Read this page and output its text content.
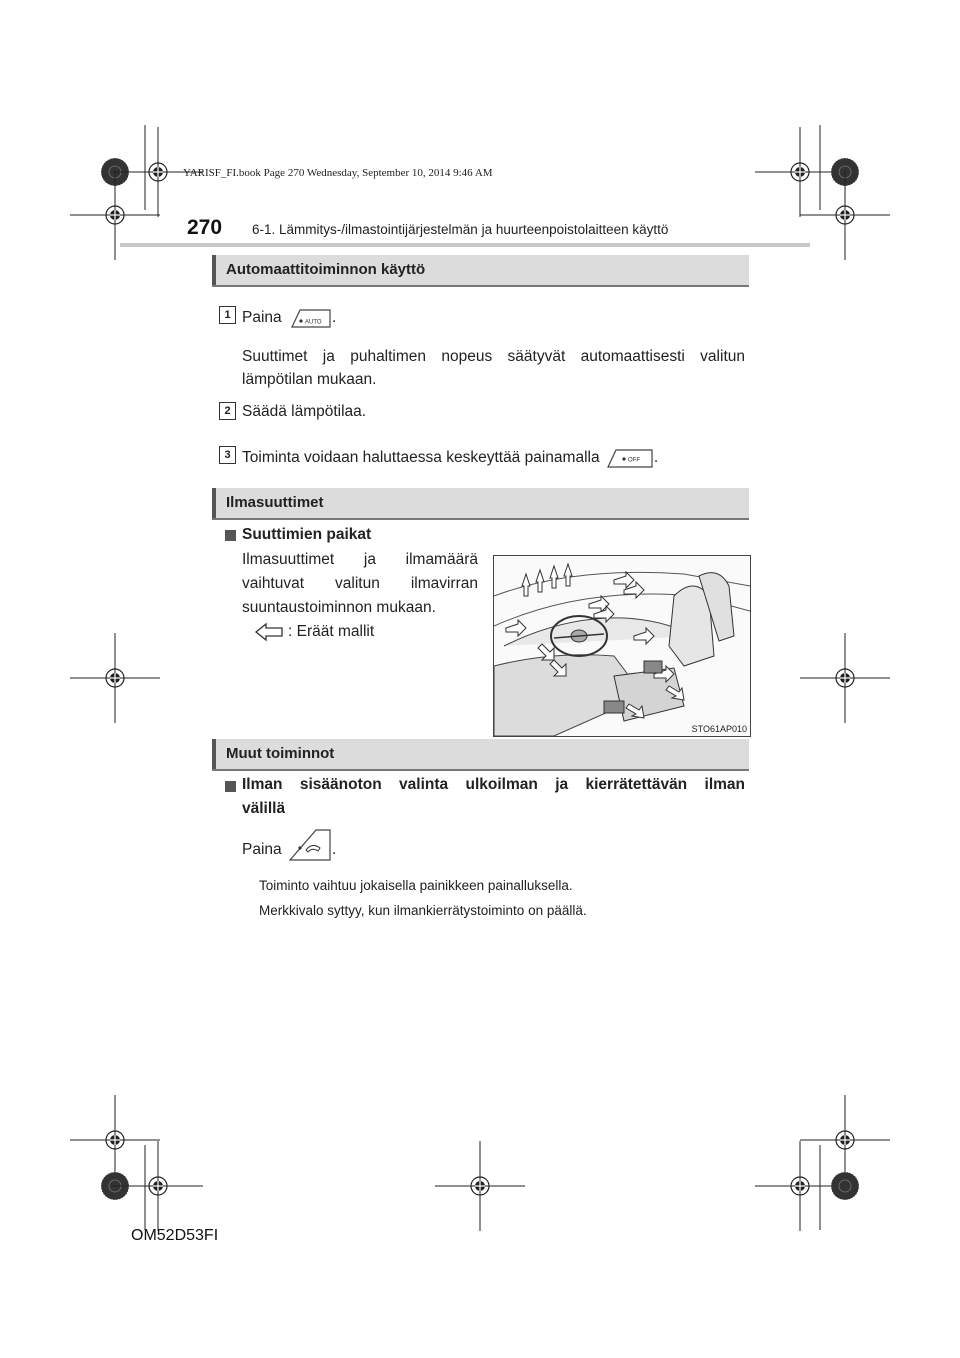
YARISF_FI.book Page 270 Wednesday, September 10, 2014 9:46 AM
270 6-1. Lämmitys-/ilmastointijärjestelmän ja huurteenpoistolaitteen käyttö
Automaattitoiminnon käyttö
1 Paina	AUTO .
Suuttimet ja puhaltimen nopeus säätyvät automaattisesti valitun
lämpötilan mukaan.
2 Säädä lämpötilaa.
3 Toiminta voidaan haluttaessa keskeyttää painamalla	OFF .
Ilmasuuttimet
Suuttimien paikat
Ilmasuuttimet ja ilmamäärä
vaihtuvat valitun ilmavirran
suuntaustoiminnon mukaan.
: Eräät mallit
STO61AP010
Muut toiminnot
Ilman sisäänoton valinta ulkoilman ja kierrätettävän ilman
välillä
Paina	.
Toiminto vaihtuu jokaisella painikkeen painalluksella.
Merkkivalo syttyy, kun ilmankierrätystoiminto on päällä.
OM52D53FI
